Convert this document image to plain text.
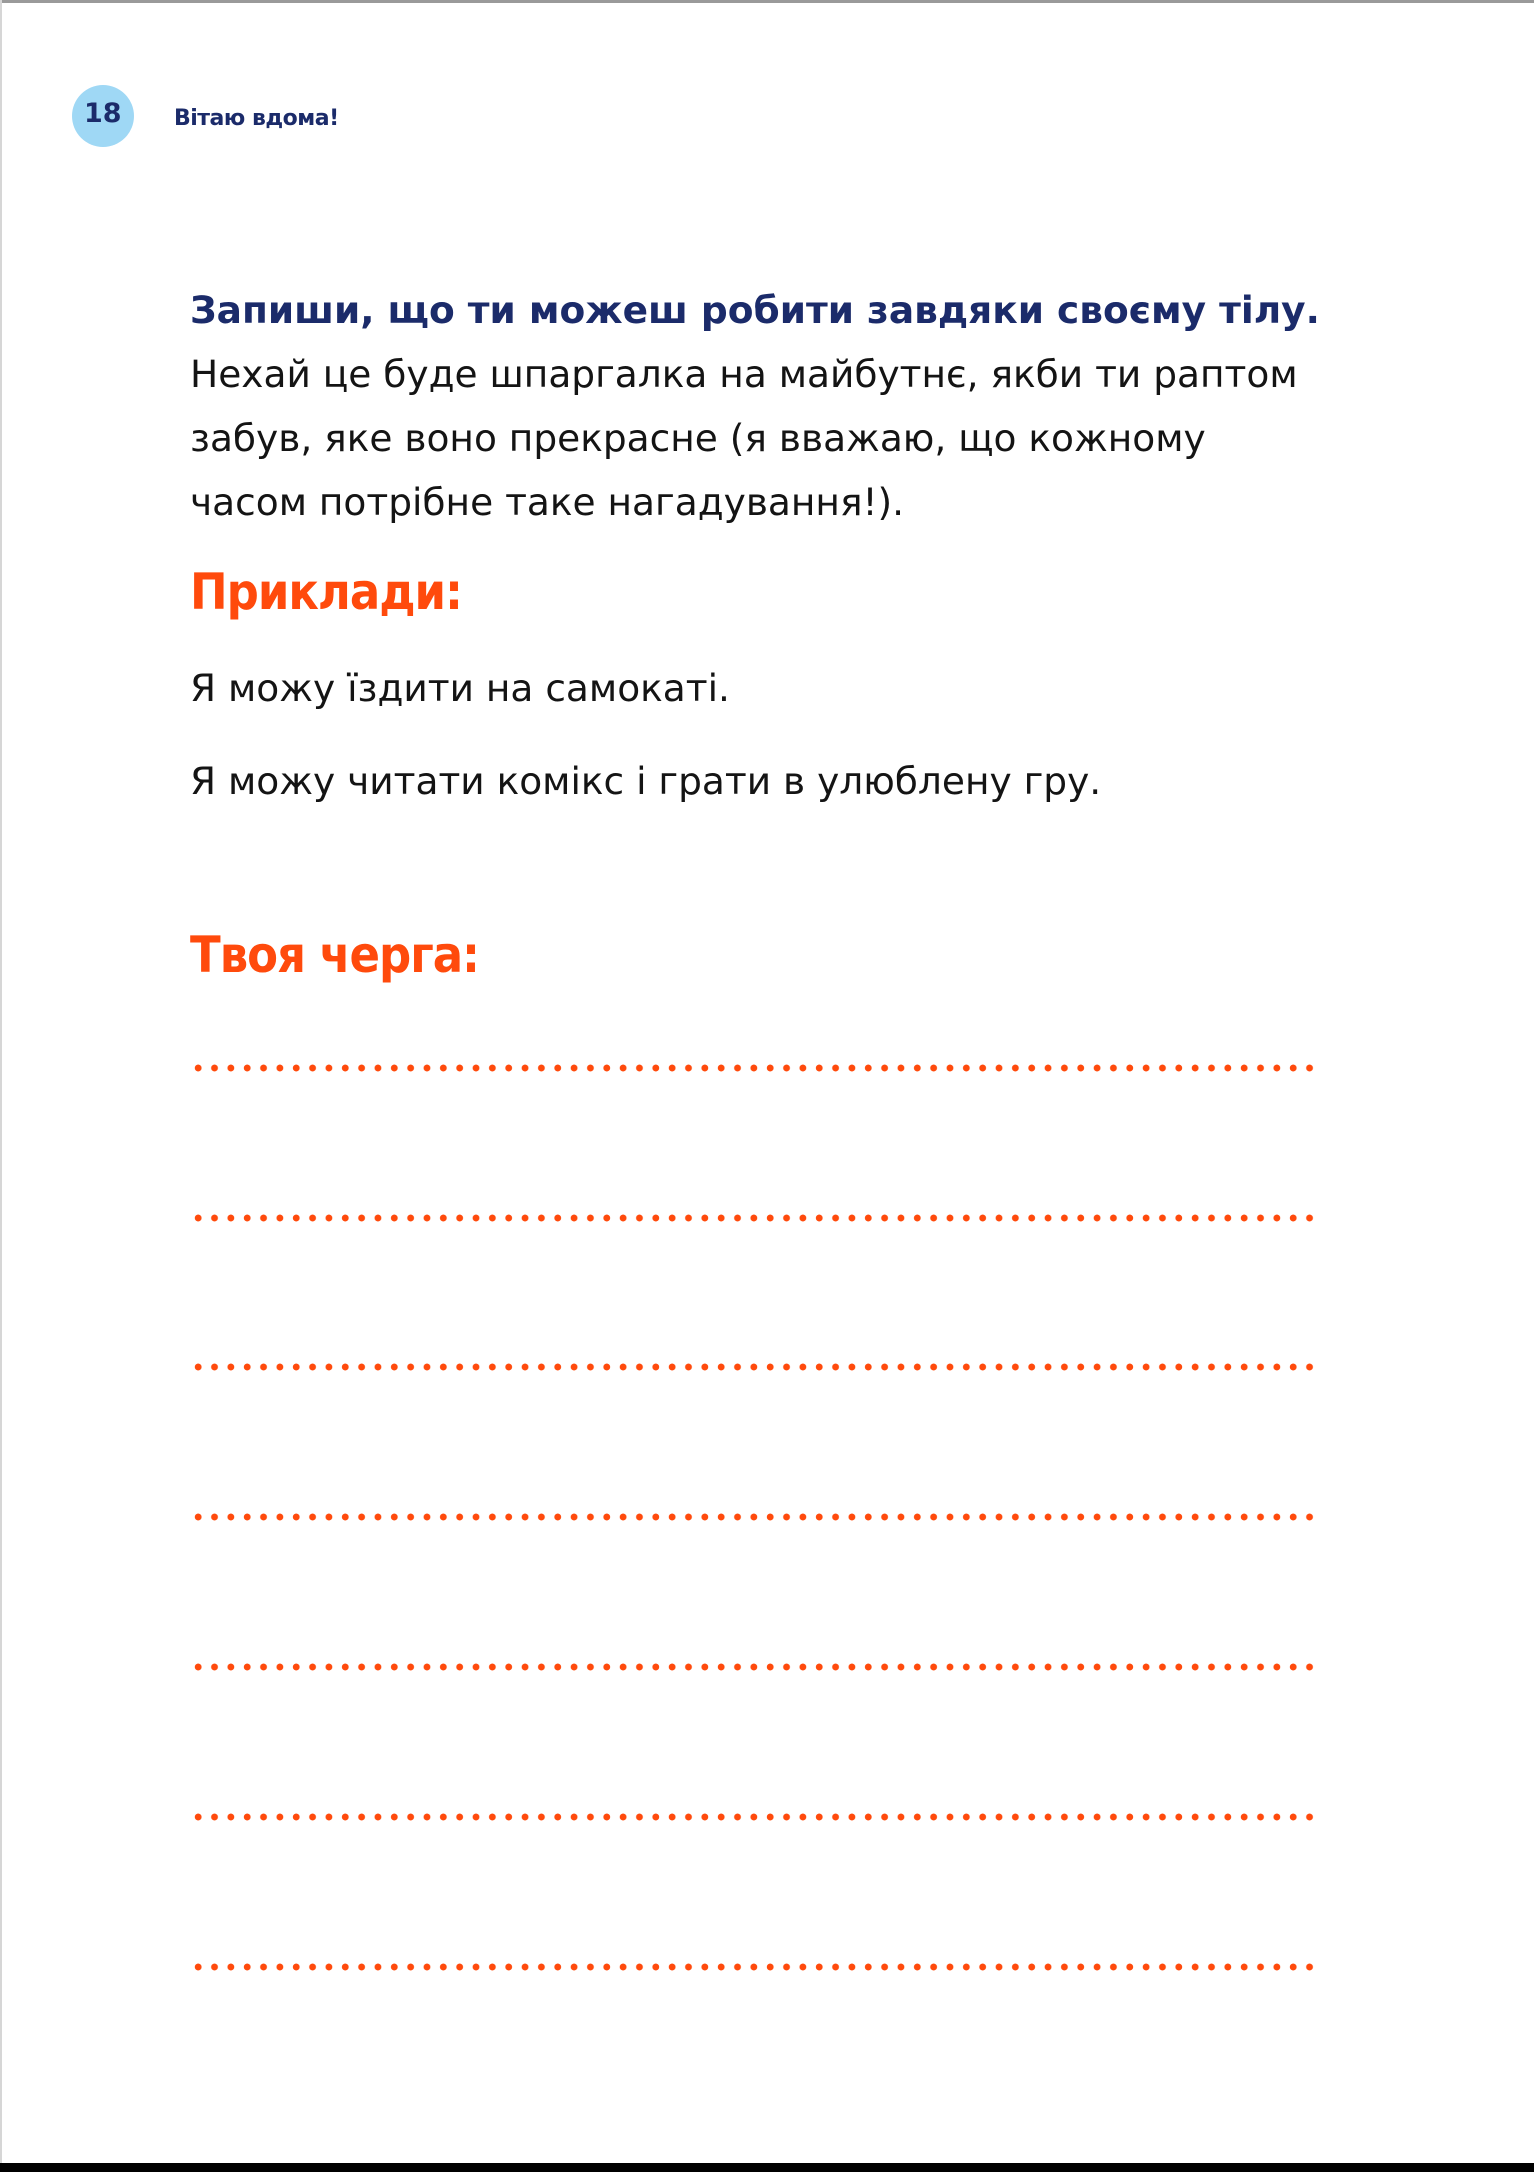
18 Вітаю вдома!

Запиши, що ти можеш робити завдяки своєму тілу. Нехай це буде шпаргалка на майбутнє, якби ти раптом забув, яке воно прекрасне (я вважаю, що кожному часом потрібне таке нагадування!).

Приклади:

Я можу їздити на самокаті.

Я можу читати комікс і грати в улюблену гру.

Твоя черга:
